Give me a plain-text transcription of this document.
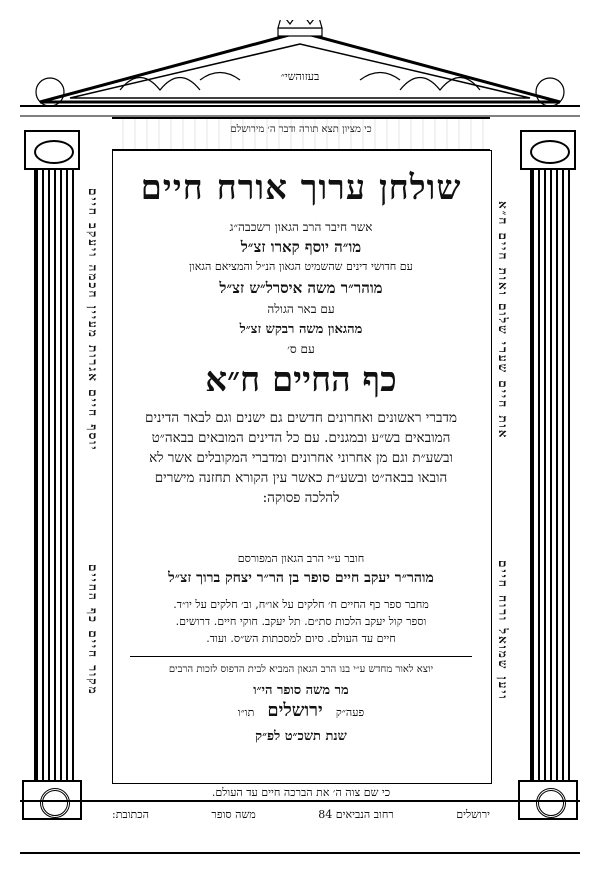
בעזוהשי״
כי מציון תצא תורה ודבר ה׳ מירושלם
יוסף חיים אגרות מעיין חכמה ויעקב חיים
מקור חיים כף החיים
אות חיים שערי שלום ואות חיים ח״א
ויען שמואל ורוח חיים
שולחן ערוך אורח חיים
אשר חיבר הרב הגאון רשכבה״ג
מו״ה יוסף קארו זצ״ל
עם חדושי דינים שהשמיט הגאון הנ״ל והמציאם הגאון
מוהר״ר משה איסרל״ש זצ״ל
עם באר הגולה
מהגאון משה רבקש זצ״ל
עם ס׳
כף החיים ח״א
מדברי ראשונים ואחרונים חדשים גם ישנים וגם לבאר הדינים
המובאים בש״ע ובמגנים. עם כל הדינים המובאים בבאה״ט
ובשע״ת וגם מן אחרוני אחרונים ומדברי המקובלים אשר לא
הובאו בבאה״ט ובשע״ת כאשר עין הקורא תחזנה מישרים
להלכה פסוקה:
חובר ע״י הרב הגאון המפורסם
מוהר״ר יעקב חיים סופר בן הר״ר יצחק ברוך זצ״ל
מחבר ספר כף החיים ח׳ חלקים על או״ח, וב׳ חלקים על יו״ד.
וספר קול יעקב הלכות סת״ם. תל יעקב. חוקי חיים. דרושים.
חיים עד העולם. סיום למסכתות הש״ס. ועוד.
יוצא לאור מחדש ע״י בנו הרב הגאון המביא לבית הדפוס לזכות הרבים
מר משה סופר הי״ו
פעה״ק ירושלים תו״ו
שנת תשכ״ט לפ״ק
כי שם צוה ה׳ את הברכה חיים עד העולם.
הכתובת:	משה סופר	רחוב הנביאים 84	ירושלים
